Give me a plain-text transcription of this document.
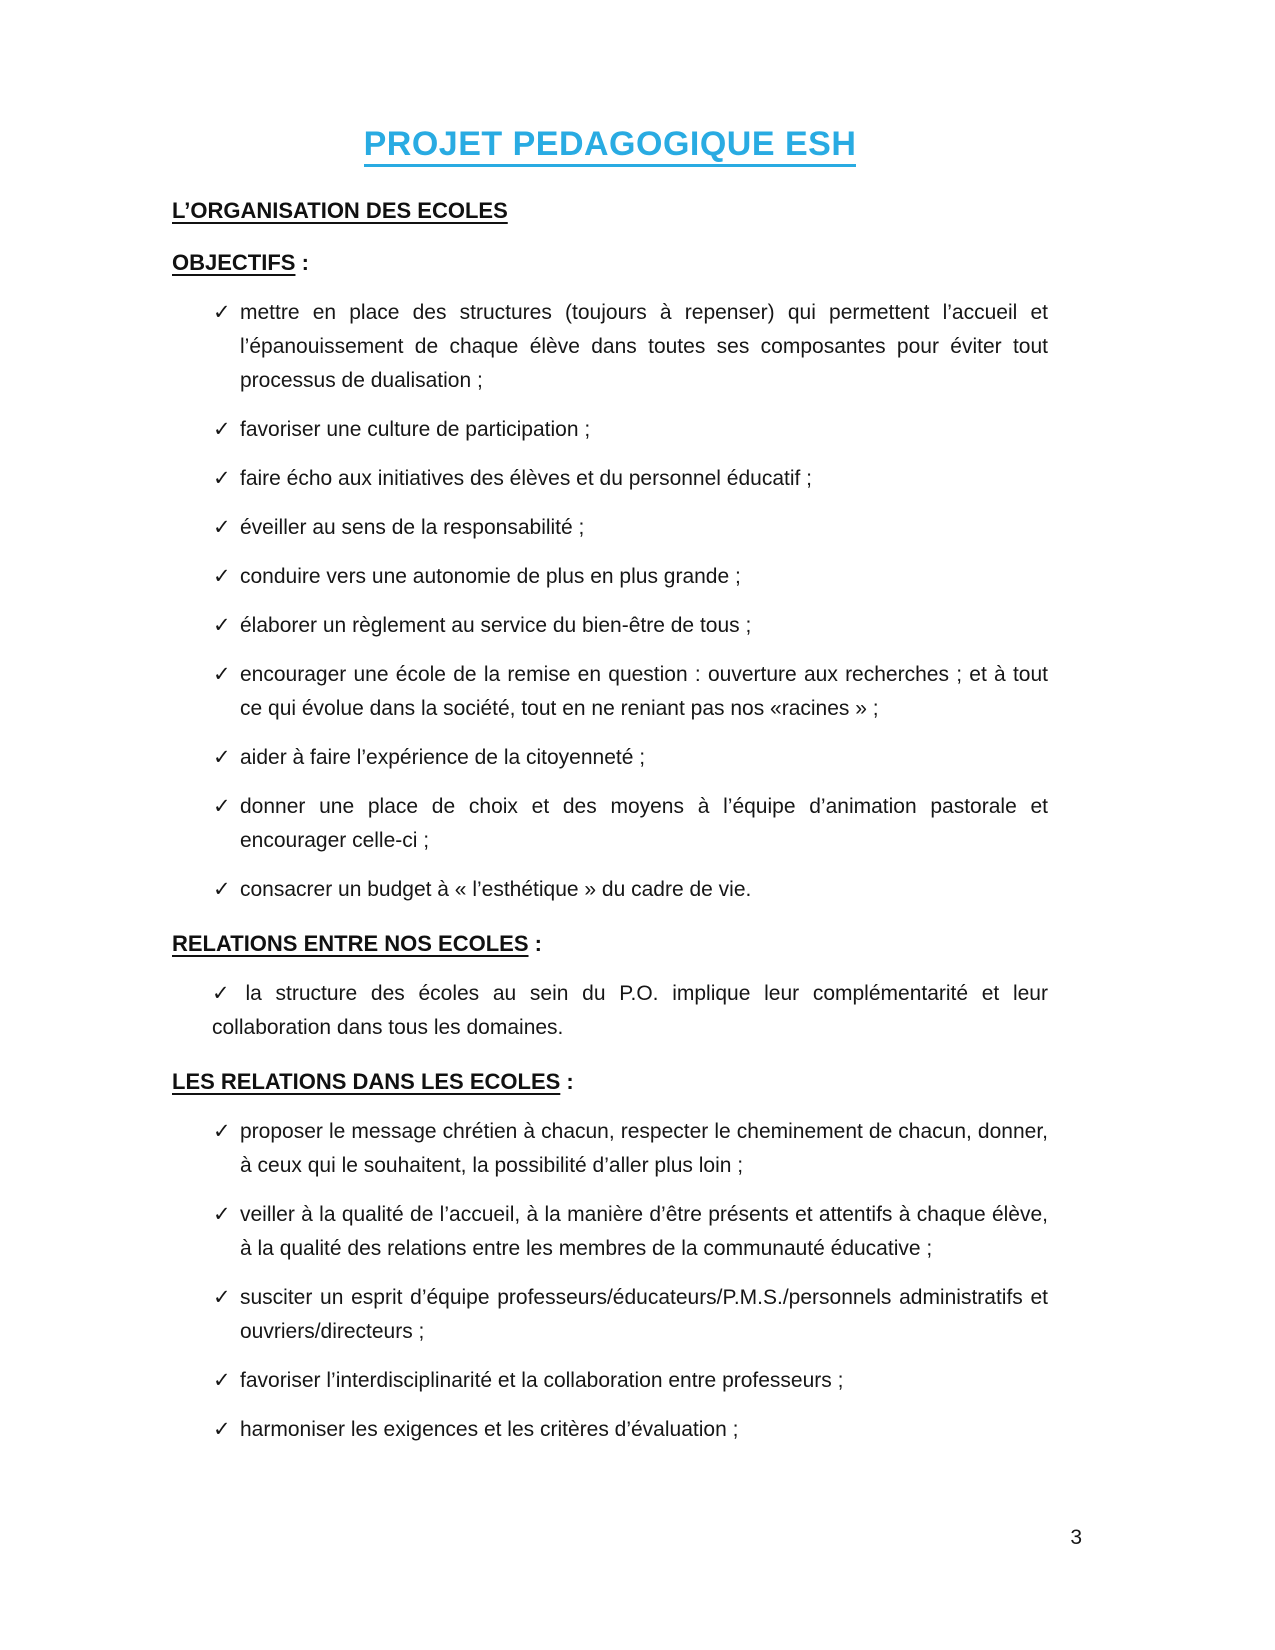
PROJET PEDAGOGIQUE ESH
L’ORGANISATION DES ECOLES
OBJECTIFS :
✓ mettre en place des structures (toujours à repenser) qui permettent l’accueil et l’épanouissement de chaque élève dans toutes ses composantes pour éviter tout processus de dualisation ;
✓ favoriser une culture de participation ;
✓ faire écho aux initiatives des élèves et du personnel éducatif ;
✓ éveiller au sens de la responsabilité ;
✓ conduire vers une autonomie de plus en plus grande ;
✓ élaborer un règlement au service du bien-être de tous ;
✓ encourager une école de la remise en question : ouverture aux recherches ; et à tout ce qui évolue dans la société, tout en ne reniant pas nos «racines » ;
✓ aider à faire l’expérience de la citoyenneté ;
✓ donner une place de choix et des moyens à l’équipe d’animation pastorale et encourager celle-ci ;
✓ consacrer un budget à « l’esthétique » du cadre de vie.
RELATIONS ENTRE NOS ECOLES :
✓ la structure des écoles au sein du P.O. implique leur complémentarité et leur collaboration dans tous les domaines.
LES RELATIONS DANS LES ECOLES :
✓ proposer le message chrétien à chacun, respecter le cheminement de chacun, donner, à ceux qui le souhaitent, la possibilité d’aller plus loin ;
✓ veiller à la qualité de l’accueil, à la manière d’être présents et attentifs à chaque élève, à la qualité des relations entre les membres de la communauté éducative ;
✓ susciter un esprit d’équipe professeurs/éducateurs/P.M.S./personnels administratifs et ouvriers/directeurs ;
✓ favoriser l’interdisciplinarité et la collaboration entre professeurs ;
✓ harmoniser les exigences et les critères d’évaluation ;
3
